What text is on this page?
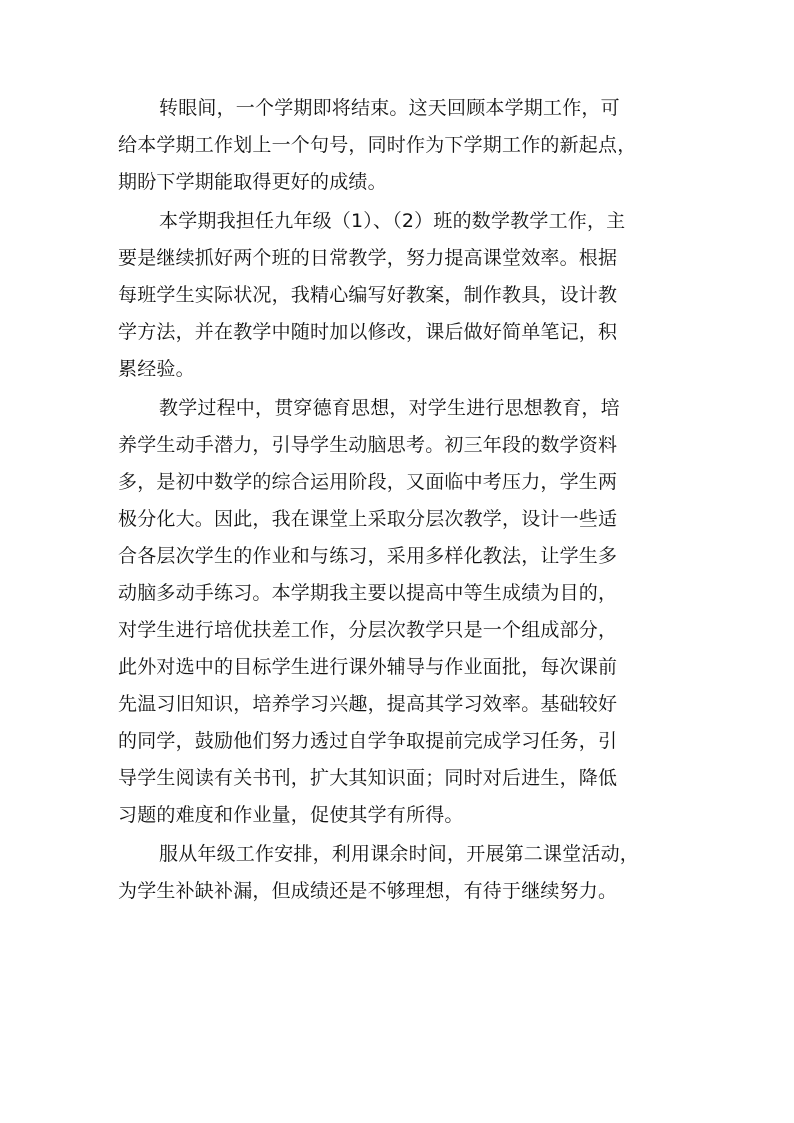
转眼间，一个学期即将结束。这天回顾本学期工作，可
给本学期工作划上一个句号，同时作为下学期工作的新起点，
期盼下学期能取得更好的成绩。
本学期我担任九年级（1）、（2）班的数学教学工作，主
要是继续抓好两个班的日常教学，努力提高课堂效率。根据
每班学生实际状况，我精心编写好教案，制作教具，设计教
学方法，并在教学中随时加以修改，课后做好简单笔记，积
累经验。
教学过程中，贯穿德育思想，对学生进行思想教育，培
养学生动手潜力，引导学生动脑思考。初三年段的数学资料
多，是初中数学的综合运用阶段，又面临中考压力，学生两
极分化大。因此，我在课堂上采取分层次教学，设计一些适
合各层次学生的作业和与练习，采用多样化教法，让学生多
动脑多动手练习。本学期我主要以提高中等生成绩为目的，
对学生进行培优扶差工作，分层次教学只是一个组成部分，
此外对选中的目标学生进行课外辅导与作业面批，每次课前
先温习旧知识，培养学习兴趣，提高其学习效率。基础较好
的同学，鼓励他们努力透过自学争取提前完成学习任务，引
导学生阅读有关书刊，扩大其知识面；同时对后进生，降低
习题的难度和作业量，促使其学有所得。
服从年级工作安排，利用课余时间，开展第二课堂活动，
为学生补缺补漏，但成绩还是不够理想，有待于继续努力。
